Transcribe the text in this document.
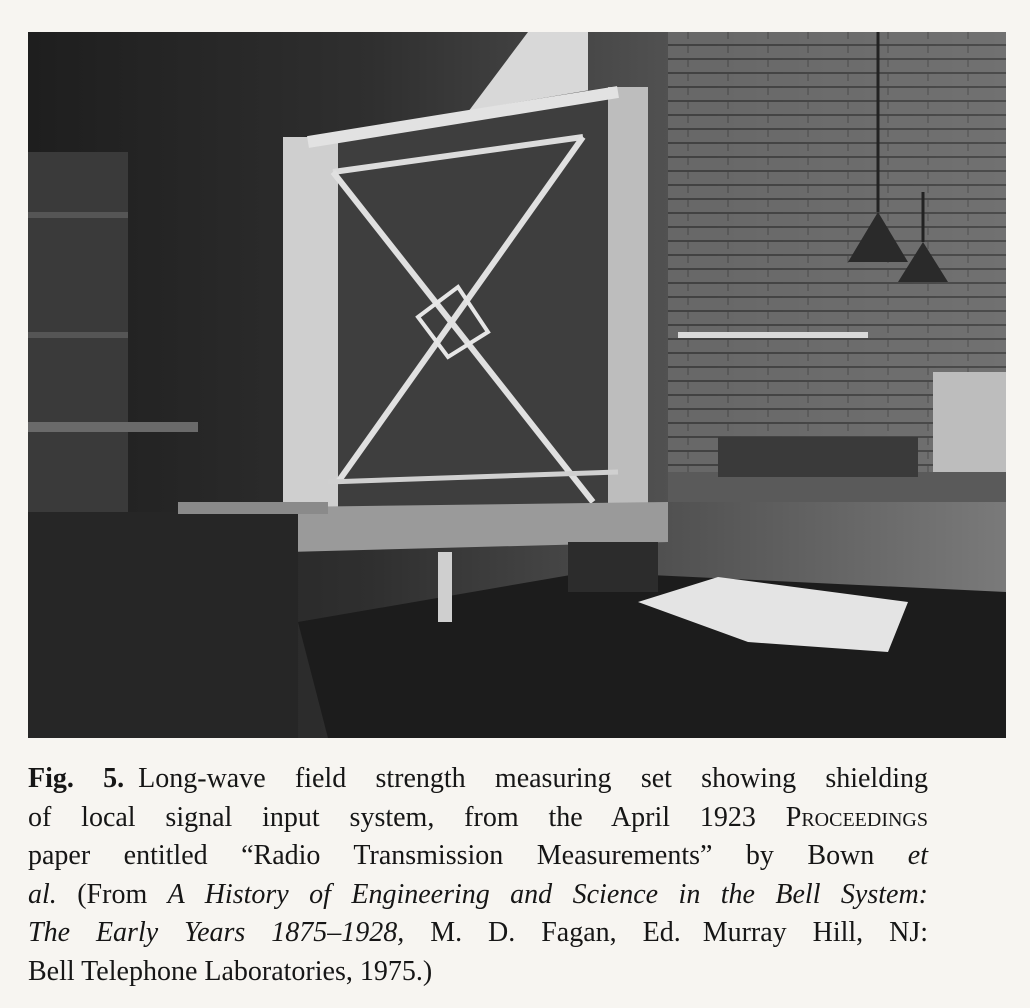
Fig. 5. Long-wave field strength measuring set showing shielding
of local signal input system, from the April 1923 Proceedings
paper entitled “Radio Transmission Measurements” by Bown et
al. (From A History of Engineering and Science in the Bell System:
The Early Years 1875–1928, M. D. Fagan, Ed. Murray Hill, NJ:
Bell Telephone Laboratories, 1975.)
